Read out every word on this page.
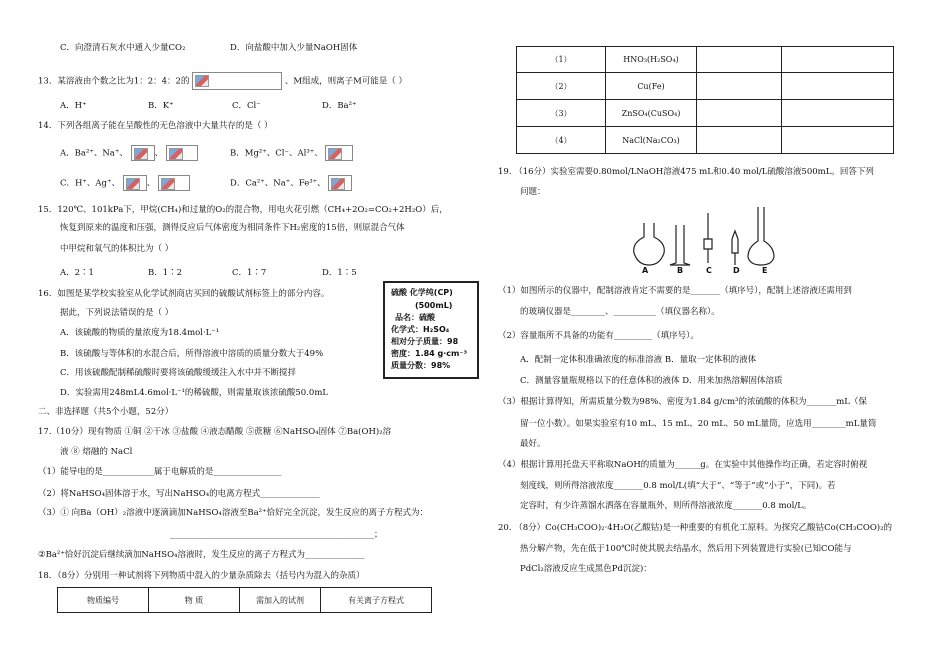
C．向澄清石灰水中通入少量CO₂	D．向盐酸中加入少量NaOH固体
13．某溶液由个数之比为1：2：4：2的	、M组成，则离子M可能是（ ）
A．H⁺	B．K⁺	C．Cl⁻	D．Ba²⁺
14．下列各组离子能在呈酸性的无色溶液中大量共存的是（ ）
A．Ba²⁺、Na⁺、	、	B．Mg²⁺、Cl⁻、Al³⁺、
C．H⁺、Ag⁺、	、	D．Ca²⁺、Na⁺、Fe³⁺、
15．120℃、101kPa下，甲烷(CH₄)和过量的O₂的混合物，用电火花引燃（CH₄+2O₂=CO₂+2H₂O）后，
恢复到原来的温度和压强，测得反应后气体密度为相同条件下H₂密度的15倍，则原混合气体
中甲烷和氧气的体积比为（ ）
A．2∶1	B．1∶2	C．1∶7	D．1∶5
16．如图是某学校实验室从化学试剂商店买回的硫酸试剂标签上的部分内容。
据此，下列说法错误的是（ ）
A．该硫酸的物质的量浓度为18.4mol·L⁻¹
B．该硫酸与等体积的水混合后，所得溶液中溶质的质量分数大于49%
C．用该硫酸配制稀硫酸时要将该硫酸缓缓注入水中并不断搅拌
D．实验需用248mL4.6mol·L⁻¹的稀硫酸，则需量取该浓硫酸50.0mL
硫酸 化学纯(CP)
(500mL)
品名：硫酸
化学式：H₂SO₄
相对分子质量：98
密度：1.84 g·cm⁻³
质量分数：98%
二、非选择题（共5个小题，52分）
17.（10分）现有物质 ①铜 ②干冰 ③盐酸 ④液态醋酸 ⑤蔗糖 ⑥NaHSO₄固体 ⑦Ba(OH)₂溶
液 ⑧ 熔融的 NaCl
（1）能导电的是____________属于电解质的是________________
（2）将NaHSO₄固体溶于水，写出NaHSO₄的电离方程式______________
（3）① 向Ba（OH）₂溶液中逐滴滴加NaHSO₄溶液至Ba²⁺恰好完全沉淀，发生反应的离子方程式为：
________________________________________________；
②Ba²⁺恰好沉淀后继续滴加NaHSO₄溶液时，发生反应的离子方程式为______________
18．（8分）分别用一种试剂将下列物质中混入的少量杂质除去（括号内为混入的杂质）
物质编号	物 质	需加入的试剂	有关离子方程式
（1）	HNO₃(H₂SO₄)		
（2）	Cu(Fe)		
（3）	ZnSO₄(CuSO₄)		
（4）	NaCl(Na₂CO₃)		
19. （16分）实验室需要0.80mol/LNaOH溶液475 mL和0.40 mol/L硫酸溶液500mL。回答下列
问题：
A	B	C	D	E
（1）如图所示的仪器中，配制溶液肯定不需要的是_______（填序号），配制上述溶液还需用到
的玻璃仪器是________、__________（填仪器名称）。
（2）容量瓶所不具备的功能有_________（填序号）。
A．配制一定体积准确浓度的标准溶液 B．量取一定体积的液体
C．测量容量瓶规格以下的任意体积的液体 D．用来加热溶解固体溶质
（3）根据计算得知，所需质量分数为98%、密度为1.84 g/cm³的浓硫酸的体积为_______mL（保
留一位小数）。如果实验室有10 mL、15 mL、20 mL、50 mL量筒，应选用________mL量筒
最好。
（4）根据计算用托盘天平称取NaOH的质量为______g。在实验中其他操作均正确，若定容时俯视
刻度线，则所得溶液浓度_______0.8 mol/L(填“大于”、“等于”或“小于”，下同)。若
定容时，有少许蒸馏水洒落在容量瓶外，则所得溶液浓度_______0.8 mol/L。
20. （8分）Co(CH₃COO)₂·4H₂O(乙酸钴)是一种重要的有机化工原料。为探究乙酸钴Co(CH₃COO)₂的
热分解产物，先在低于100℃时使其脱去结晶水，然后用下列装置进行实验(已知CO能与
PdCl₂溶液反应生成黑色Pd沉淀)：
